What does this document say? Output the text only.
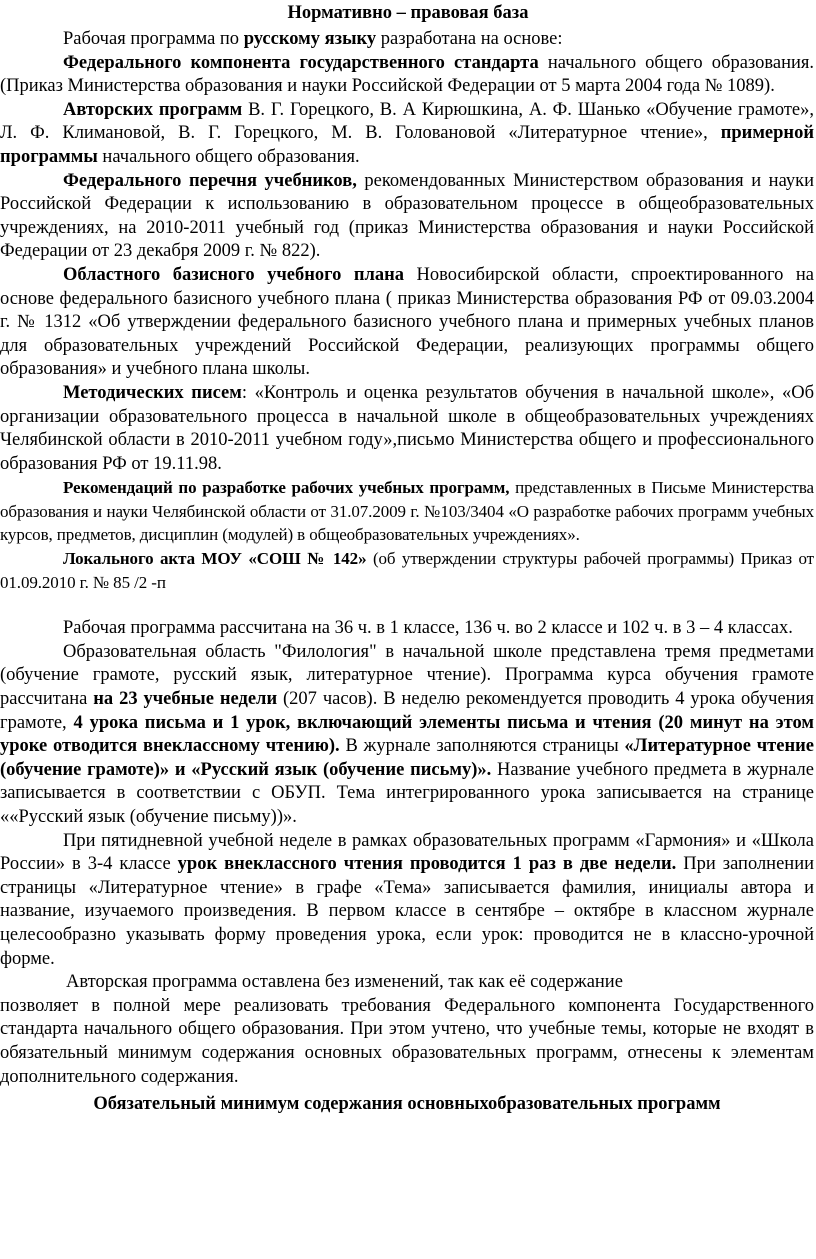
Нормативно – правовая база

Рабочая программа по русскому языку разработана на основе:

Федерального компонента государственного стандарта начального общего образования. (Приказ Министерства образования и науки Российской Федерации от 5 марта 2004 года № 1089).

Авторских программ В. Г. Горецкого, В. А Кирюшкина, А. Ф. Шанько «Обучение грамоте», Л. Ф. Климановой, В. Г. Горецкого, М. В. Головановой «Литературное чтение», примерной программы начального общего образования.

Федерального перечня учебников, рекомендованных Министерством образования и науки Российской Федерации к использованию в образовательном процессе в общеобразовательных учреждениях, на 2010-2011 учебный год (приказ Министерства образования и науки Российской Федерации от 23 декабря 2009 г. № 822).

Областного базисного учебного плана Новосибирской области, спроектированного на основе федерального базисного учебного плана ( приказ Министерства образования РФ от 09.03.2004 г. № 1312 «Об утверждении федерального базисного учебного плана и примерных учебных планов для образовательных учреждений Российской Федерации, реализующих программы общего образования» и учебного плана школы.

Методических писем: «Контроль и оценка результатов обучения в начальной школе», «Об организации образовательного процесса в начальной школе в общеобразовательных учреждениях Челябинской области в 2010-2011 учебном году»,письмо Министерства общего и профессионального образования РФ от 19.11.98.

Рекомендаций по разработке рабочих учебных программ, представленных в Письме Министерства образования и науки Челябинской области от 31.07.2009 г. №103/3404 «О разработке рабочих программ учебных курсов, предметов, дисциплин (модулей) в общеобразовательных учреждениях».

Локального акта МОУ «СОШ № 142» (об утверждении структуры рабочей программы) Приказ от 01.09.2010 г. № 85 /2 -п

Рабочая программа рассчитана на 36 ч. в 1 классе, 136 ч. во 2 классе и 102 ч. в 3 – 4 классах.

Образовательная область "Филология" в начальной школе представлена тремя предметами (обучение грамоте, русский язык, литературное чтение). Программа курса обучения грамоте рассчитана на 23 учебные недели (207 часов). В неделю рекомендуется проводить 4 урока обучения грамоте, 4 урока письма и 1 урок, включающий элементы письма и чтения (20 минут на этом уроке отводится внеклассному чтению). В журнале заполняются страницы «Литературное чтение (обучение грамоте)» и «Русский язык (обучение письму)». Название учебного предмета в журнале записывается в соответствии с ОБУП. Тема интегрированного урока записывается на странице ««Русский язык (обучение письму))».

При пятидневной учебной неделе в рамках образовательных программ «Гармония» и «Школа России» в 3-4 классе урок внеклассного чтения проводится 1 раз в две недели. При заполнении страницы «Литературное чтение» в графе «Тема» записывается фамилия, инициалы автора и название, изучаемого произведения. В первом классе в сентябре – октябре в классном журнале целесообразно указывать форму проведения урока, если урок: проводится не в классно-урочной форме.

Авторская программа оставлена без изменений, так как её содержание

позволяет в полной мере реализовать требования Федерального компонента Государственного стандарта начального общего образования. При этом учтено, что учебные темы, которые не входят в обязательный минимум содержания основных образовательных программ, отнесены к элементам дополнительного содержания.

Обязательный минимум содержания основныхобразовательных программ
